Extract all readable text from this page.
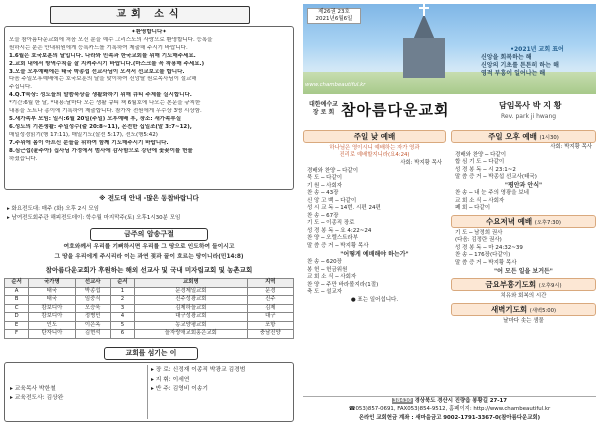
교회 소식
✦환영합니다✦
오늘 참아름다운교회에 처음 오신 분을 예수 그리스도의 사랑으로 환영합니다. 등록을
원하시는 분은 안내위원에게 등록카드를 기록하여 제출해 주시기 바랍니다.
1.6월은 호국보훈의 달입니다. 나라와 민족과 한국교회를 위해 기도해주세요.
2.교회 내에서 방역수칙을 잘 지켜주시기 바랍니다.(마스크를 꼭 착용해 주세요.)
3.오늘 오후예배에는 태국 박종섭 선교사님이 오셔서 선교보고를 합니다.
다음 주일오후예배에는 호국보훈의 달을 맞이하여 신앙탈 원로목사님이 설교해
주십니다.
4.Q.T묵상: 성도들의 말씀묵상을 생활화하기 위해 큐티 주제를 실시합니다.
*기간:6월 한 달, *내용:날마다 오는 생활 큐티 책 6월호에 나오는 본문을 규칙한
내용을 노트나 종이에 기록하여 제출합니다. 참가자 전원에게 우수상 3명 시상함.
5.새가족부 모임: 일시:6월 20일(주일) 오후예배 후, 장소: 새가족부실
6.성도의 기본생활: 주일성수(출 20:8~11), 온전한 십일조(말 3:7~12),
매일성경읽기(행 17:11), 매일기도(살전 5:17), 전도(행5:42)
7.주위에 몸이 아프신 분들을 위하여 함께 기도해주시기 바랍니다.
8.심근섭(윤주아) 집사님 가정에서 범사에 감사함으로 강단에 꽃꽂이를 헌물
하셨습니다.
※ 전도대 안내 -많은 동참바랍니다
▸ 화요전도대: 매주 (화) 오후 2시 모임
▸ 남여전도회주관 해피전도데이: 학수월 마지막주(토) 오후1시30분 모임
금주의 암송구절
여호와께서 우리를 기뻐하시면 우리를 그 땅으로 인도하여 들이시고
그 땅을 우리에게 주시리라 이는 과연 젖과 꿀이 흐르는 땅이니라(민14:8)
참아름다운교회가 후원하는 해외 선교사 및 국내 미자립교회 및 농촌교회
순서	국가명	선교사	순서	교회명	지역
A	태국	박종섭	1	문경제일교회	문경
B	태국	임중식	2	진주성광교회	진주
C	캄보디아	오승욱	3	김제하늘교회	김제
D	캄보디아	정병민	4	대구성광교회	대구
E	인도	이은옥	5	농교양평교회	포항
F	탄자니아	김현석	6	늘자랑애교회홍은교회	충남진양
교회를 섬기는 이
▸ 교육목사 박한철
▸ 교육전도사: 김상완
▸ 장 로: 신정재 이종직 박광교 김경범
▸ 지 휘: 이세연
▸ 반 주: 김영비 이송기
제26권 23호
2021년6월6일
www.chambeautiful.kr
•2021년 교회 표어
신앙을 회복하는 해
신앙의 기초를 튼튼히 하는 해
영적 부흥이 일어나는 해
대한예수교
장 로 회 참아름다운교회	담임목사 박 지 황
Rev. park ji hwang
주일 낮 예배
하나님은 영이시니 예배하는 자가 영과
진리로 예배할지니라(요4:24)
사회: 박지황 목사
경배와 찬양 ─ 다같이
묵 도 ─ 다같이
기 원 ─ 사회자
찬 송 ─ 43장
신 앙 고 백 ─ 다같이
성 시 교 독 ─ 14번. 시편 24편
찬 송 ─ 67장
기 도 ─ 이종직 장로
성 경 봉 독 ─ 요 4:22~24
찬 양 ─ 오렐스트라부
말 씀 증 거 ─ 박지황 목사
"어떻게 예배해야 하는가"
찬 송 ─ 620장
봉 헌 ─ 헌금위원
교 회 소 식 ─ 사회자
찬 양 ─ 주만 바라볼지라(1절)
축 도 ─ 설교자
● 표는 일어섭니다.
주일 오후 예배 (1시30)
사회: 박지황 목사
경배와 찬양 ─ 다같이
합 심 기 도 ─ 다같이
성 경 봉 독 ─ 시 23:1~2
말 씀 증 거 ─ 박종섭 선교사(태국)
"평안과 안식"
찬 송 ─ 내 눈 주의 영광을 보네
교 회 소 식 ─ 사회자
폐 회 ─ 다같이
수요저녁 예배 (오후7:30)
기 도 ─ 남정희 권사
(다음: 김정란 권사)
성 경 봉 독 ─ 마 24:32~39
찬 송 ─ 176장(다같이)
말 씀 증 거 ─ 박지황 목사
"어 모든 일을 보거든"
금요부흥기도회 (오후9시)
치유와 회복의 시간
새벽기도회 (새벽5:00)
날마다 솟는 샘물
38430 경상북도 경산시 진량읍 봉황길 27-17
☎053)857-0691, FAX053)854-9512, 홈페이지: http://www.chambeautiful.kr
온라인 교회헌금 계좌 : 새마을금고 9002-1791-3367-0(참아름다운교회)
